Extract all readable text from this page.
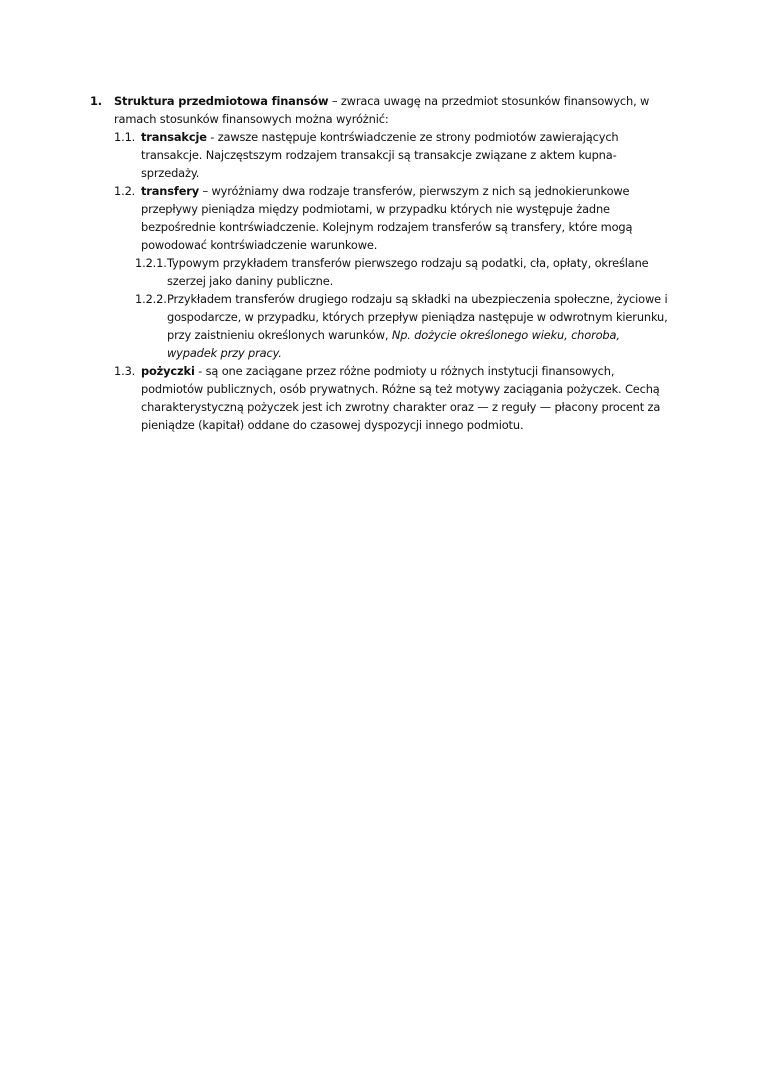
1. Struktura przedmiotowa finansów – zwraca uwagę na przedmiot stosunków finansowych, w ramach stosunków finansowych można wyróżnić:
1.1. transakcje - zawsze następuje kontrświadczenie ze strony podmiotów zawierających transakcje. Najczęstszym rodzajem transakcji są transakcje związane z aktem kupna-sprzedaży.
1.2. transfery – wyróżniamy dwa rodzaje transferów, pierwszym z nich są jednokierunkowe przepływy pieniądza między podmiotami, w przypadku których nie występuje żadne bezpośrednie kontrświadczenie. Kolejnym rodzajem transferów są transfery, które mogą powodować kontrświadczenie warunkowe.
1.2.1. Typowym przykładem transferów pierwszego rodzaju są podatki, cła, opłaty, określane szerzej jako daniny publiczne.
1.2.2. Przykładem transferów drugiego rodzaju są składki na ubezpieczenia społeczne, życiowe i gospodarcze, w przypadku, których przepływ pieniądza następuje w odwrotnym kierunku, przy zaistnieniu określonych warunków, Np. dożycie określonego wieku, choroba, wypadek przy pracy.
1.3. pożyczki - są one zaciągane przez różne podmioty u różnych instytucji finansowych, podmiotów publicznych, osób prywatnych. Różne są też motywy zaciągania pożyczek. Cechą charakterystyczną pożyczek jest ich zwrotny charakter oraz — z reguły — płacony procent za pieniądze (kapitał) oddane do czasowej dyspozycji innego podmiotu.
